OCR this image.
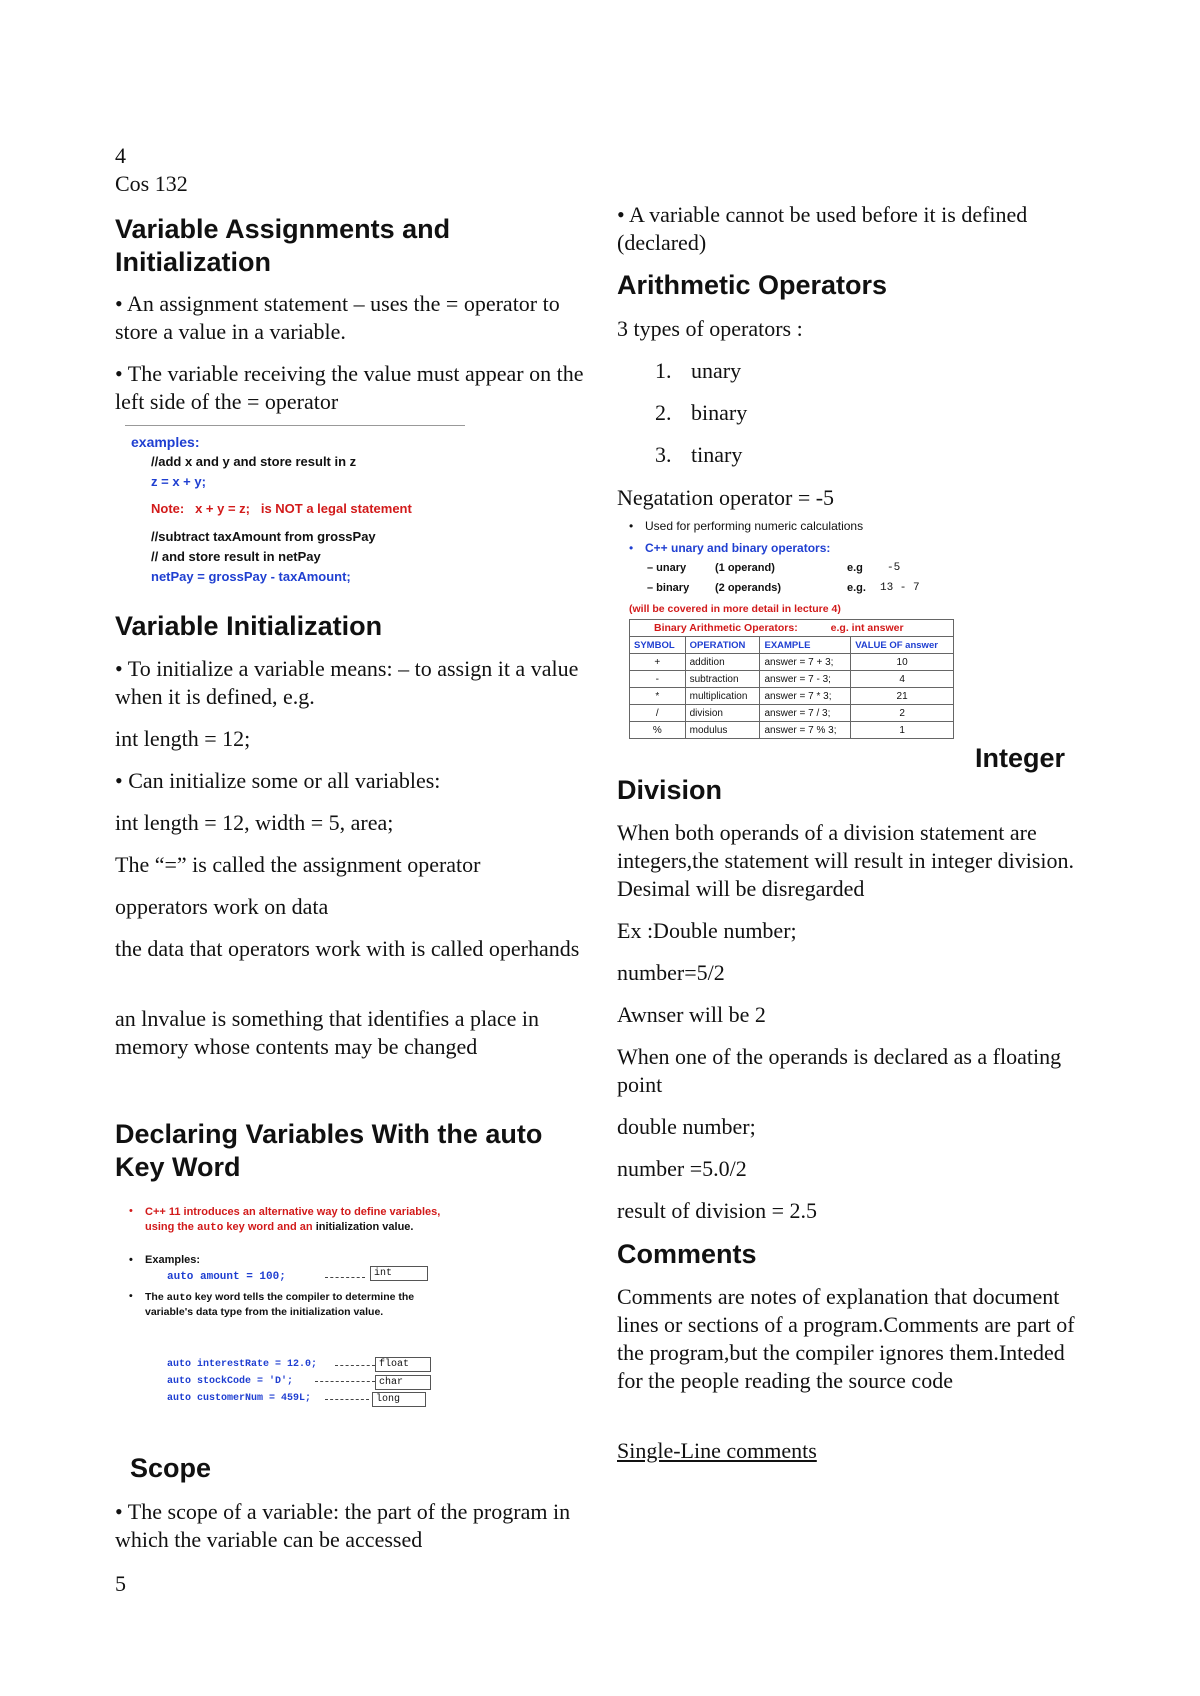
4
Cos 132
Variable Assignments and Initialization

• An assignment statement – uses the = operator to store a value in a variable.

• The variable receiving the value must appear on the left side of the = operator

examples:
//add x and y and store result in z
z = x + y;
Note: x + y = z; is NOT a legal statement
//subtract taxAmount from grossPay
// and store result in netPay
netPay = grossPay - taxAmount;
Variable Initialization

• To initialize a variable means: – to assign it a value when it is defined, e.g.

int length = 12;

• Can initialize some or all variables:

int length = 12, width = 5, area;

The “=” is called the assignment operator

opperators work on data

the data that operators work with is called operhands

an lnvalue is something that identifies a place in memory whose contents may be changed

Declaring Variables With the auto Key Word
• C++ 11 introduces an alternative way to define variables, using the auto key word and an initialization value.
• Examples:
auto amount = 100;	int
• The auto key word tells the compiler to determine the variable's data type from the initialization value.
auto interestRate = 12.0;	float
auto stockCode = 'D';	char
auto customerNum = 459L;	long
Scope

• The scope of a variable: the part of the program in which the variable can be accessed

5

• A variable cannot be used before it is defined (declared)

Arithmetic Operators

3 types of operators :

1. unary
2. binary
3. tinary

Negatation operator = -5

• Used for performing numeric calculations
• C++ unary and binary operators:
– unary	(1 operand)	e.g -5
– binary (2 operands)	e.g. 13 - 7
(will be covered in more detail in lecture 4)
Binary Arithmetic Operators: e.g. int answer			
SYMBOL	OPERATION	EXAMPLE	VALUE OF answer
+	addition	answer = 7 + 3;	10
-	subtraction	answer = 7 - 3;	4
*	multiplication	answer = 7 * 3;	21
/	division	answer = 7 / 3;	2
%	modulus	answer = 7 % 3;	1
Integer
Division

When both operands of a division statement are integers,the statement will result in integer division. Desimal will be disregarded

Ex :Double number;

number=5/2

Awnser will be 2

When one of the operands is declared as a floating point

double number;

number =5.0/2

result of division = 2.5

Comments

Comments are notes of explanation that document lines or sections of a program.Comments are part of the program,but the compiler ignores them.Inteded for the people reading the source code

Single-Line comments
